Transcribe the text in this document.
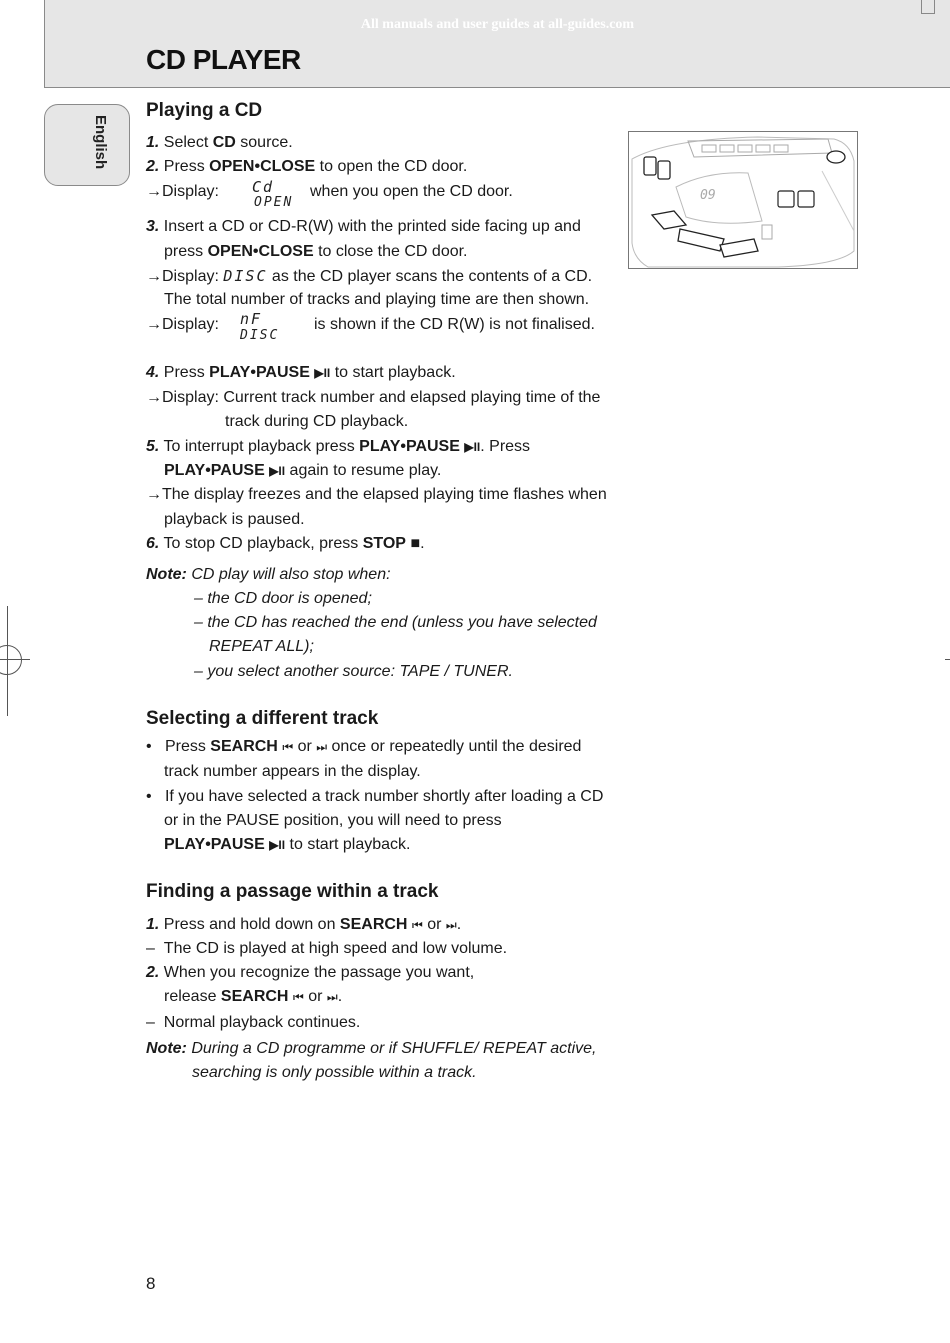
All manuals and user guides at all-guides.com
CD PLAYER
English
Playing a CD
1. Select CD source.
2. Press OPEN•CLOSE to open the CD door.
→Display: Cd
OPEN
when you open the CD door.
3. Insert a CD or CD-R(W) with the printed side facing up and
press OPEN•CLOSE to close the CD door.
→Display: DISC as the CD player scans the contents of a CD.
The total number of tracks and playing time are then shown.
→Display: nF
DISC
is shown if the CD R(W) is not finalised.
4. Press PLAY•PAUSE ▶II to start playback.
→Display: Current track number and elapsed playing time of the
track during CD playback.
5. To interrupt playback press PLAY•PAUSE ▶II. Press
PLAY•PAUSE ▶II again to resume play.
→The display freezes and the elapsed playing time flashes when
playback is paused.
6. To stop CD playback, press STOP ■.
Note: CD play will also stop when:
– the CD door is opened;
– the CD has reached the end (unless you have selected
REPEAT ALL);
– you select another source: TAPE / TUNER.
Selecting a different track
• Press SEARCH ⏮ or ⏭ once or repeatedly until the desired
track number appears in the display.
• If you have selected a track number shortly after loading a CD
or in the PAUSE position, you will need to press
PLAY•PAUSE ▶II to start playback.
Finding a passage within a track
1. Press and hold down on SEARCH ⏮ or ⏭.
– The CD is played at high speed and low volume.
2. When you recognize the passage you want,
release SEARCH ⏮ or ⏭.
– Normal playback continues.
Note: During a CD programme or if SHUFFLE/ REPEAT active,
searching is only possible within a track.
09
8
